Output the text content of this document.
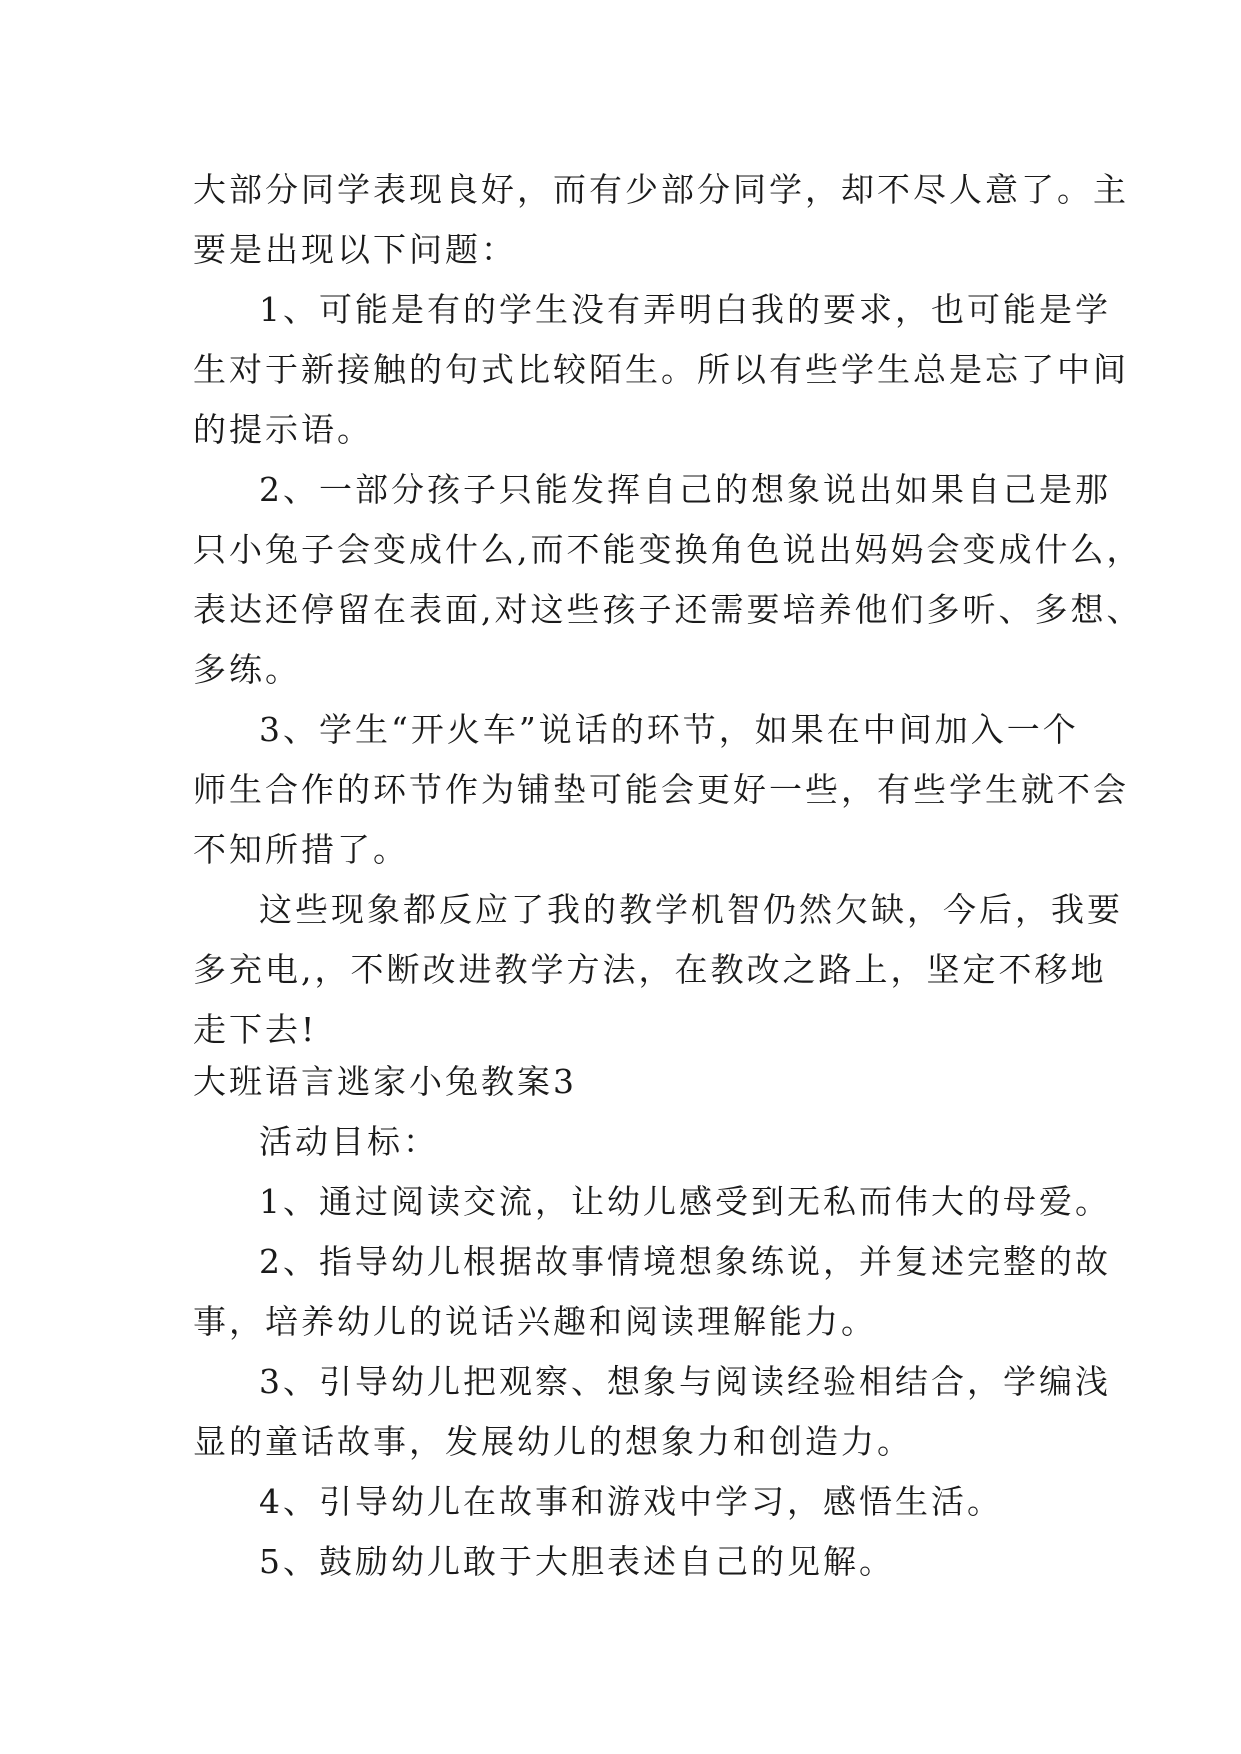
大部分同学表现良好，而有少部分同学，却不尽人意了。主
要是出现以下问题：
1、可能是有的学生没有弄明白我的要求，也可能是学
生对于新接触的句式比较陌生。所以有些学生总是忘了中间
的提示语。
2、一部分孩子只能发挥自己的想象说出如果自己是那
只小兔子会变成什么,而不能变换角色说出妈妈会变成什么，
表达还停留在表面,对这些孩子还需要培养他们多听、多想、
多练。
3、学生“开火车”说话的环节，如果在中间加入一个
师生合作的环节作为铺垫可能会更好一些，有些学生就不会
不知所措了。
这些现象都反应了我的教学机智仍然欠缺，今后，我要
多充电,，不断改进教学方法，在教改之路上，坚定不移地
走下去!
大班语言逃家小兔教案3
活动目标：
1、通过阅读交流，让幼儿感受到无私而伟大的母爱。
2、指导幼儿根据故事情境想象练说，并复述完整的故
事，培养幼儿的说话兴趣和阅读理解能力。
3、引导幼儿把观察、想象与阅读经验相结合，学编浅
显的童话故事，发展幼儿的想象力和创造力。
4、引导幼儿在故事和游戏中学习，感悟生活。
5、鼓励幼儿敢于大胆表述自己的见解。
